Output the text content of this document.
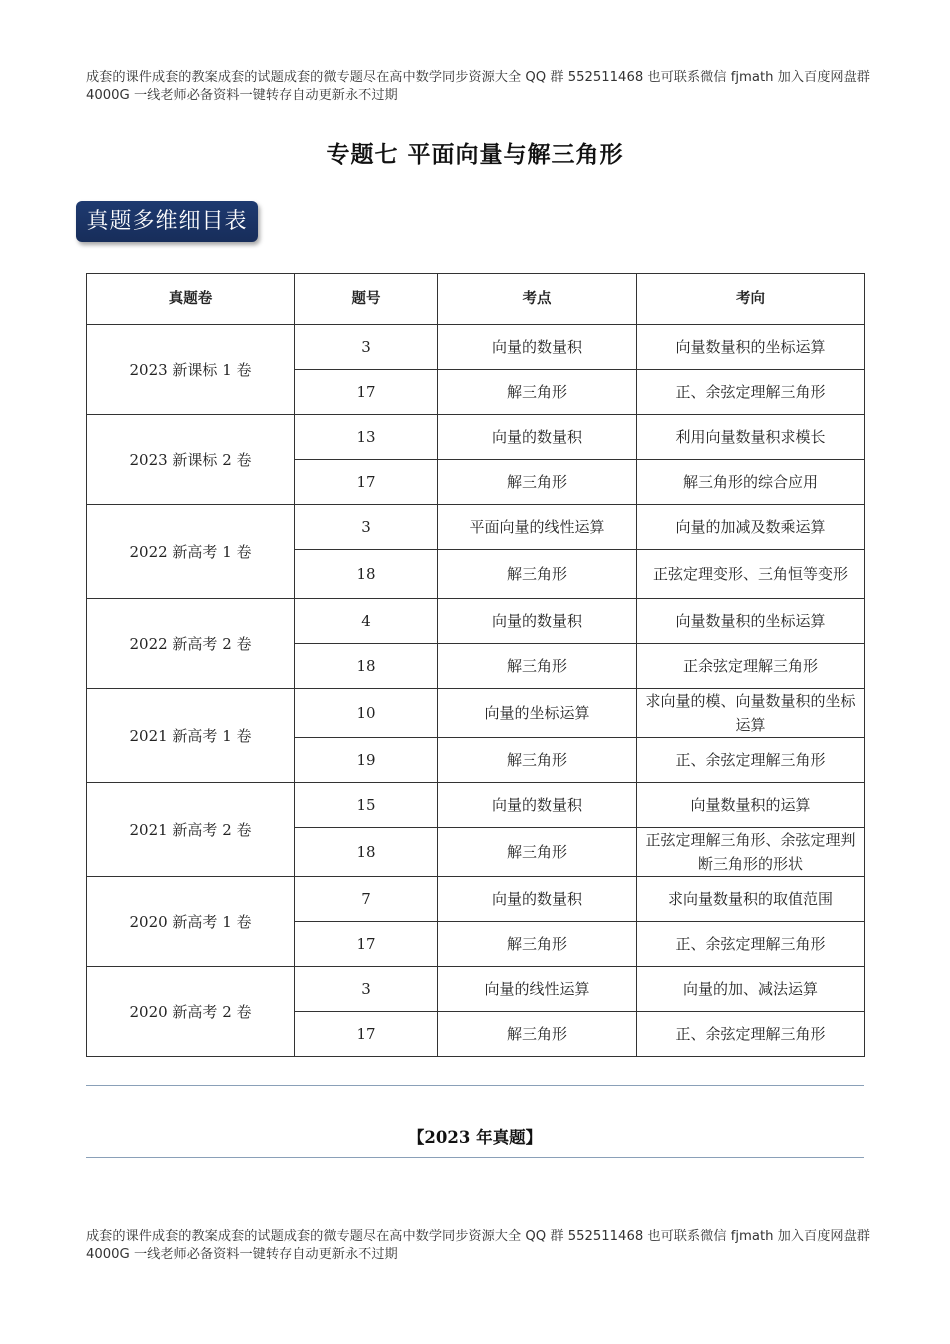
成套的课件成套的教案成套的试题成套的微专题尽在高中数学同步资源大全 QQ 群 552511468 也可联系微信 fjmath 加入百度网盘群 4000G 一线老师必备资料一键转存自动更新永不过期
专题七 平面向量与解三角形
真题多维细目表
真题卷	题号	考点	考向
2023 新课标 1 卷	3	向量的数量积	向量数量积的坐标运算
	17	解三角形	正、余弦定理解三角形
2023 新课标 2 卷	13	向量的数量积	利用向量数量积求模长
	17	解三角形	解三角形的综合应用
2022 新高考 1 卷	3	平面向量的线性运算	向量的加减及数乘运算
	18	解三角形	正弦定理变形、三角恒等变形
2022 新高考 2 卷	4	向量的数量积	向量数量积的坐标运算
	18	解三角形	正余弦定理解三角形
2021 新高考 1 卷	10	向量的坐标运算	求向量的模、向量数量积的坐标运算
	19	解三角形	正、余弦定理解三角形
2021 新高考 2 卷	15	向量的数量积	向量数量积的运算
	18	解三角形	正弦定理解三角形、余弦定理判断三角形的形状
2020 新高考 1 卷	7	向量的数量积	求向量数量积的取值范围
	17	解三角形	正、余弦定理解三角形
2020 新高考 2 卷	3	向量的线性运算	向量的加、减法运算
	17	解三角形	正、余弦定理解三角形
【2023 年真题】
成套的课件成套的教案成套的试题成套的微专题尽在高中数学同步资源大全 QQ 群 552511468 也可联系微信 fjmath 加入百度网盘群 4000G 一线老师必备资料一键转存自动更新永不过期
